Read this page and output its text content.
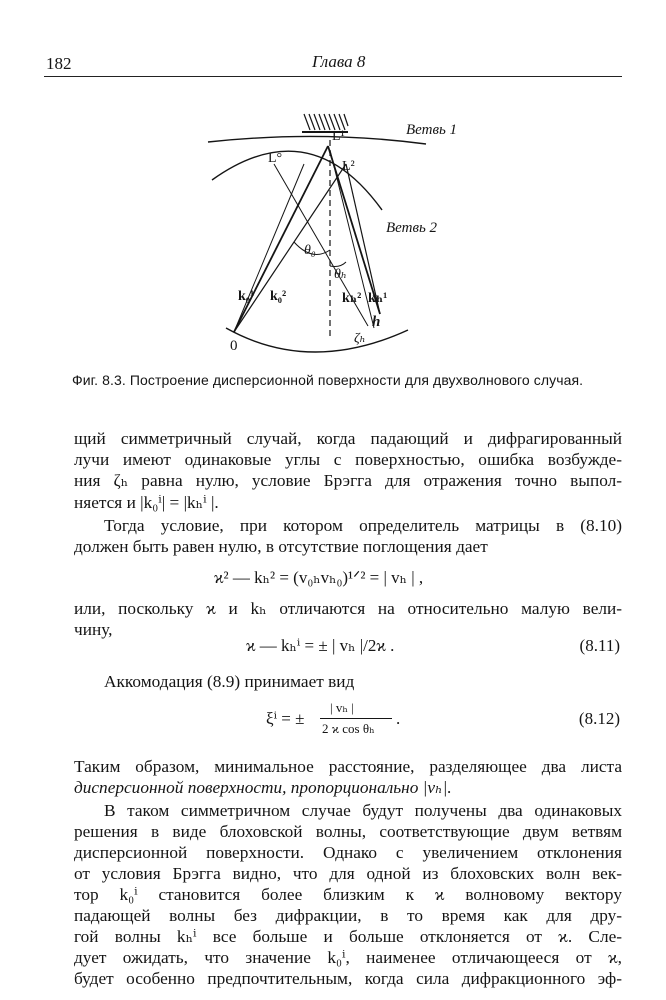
182	Глава 8
Ветвь 1
Ветвь 2
L°
L¹
L²
θ₀
θₕ
k₀¹ k₀²	kₕ² kₕ¹
h
ζₕ
0
Фиг. 8.3. Построение дисперсионной поверхности для двухволнового случая.
щий симметричный случай, когда падающий и дифрагированный
лучи имеют одинаковые углы с поверхностью, ошибка возбужде-
ния ζₕ равна нулю, условие Брэгга для отражения точно выпол-
няется и |k₀ⁱ| = |kₕⁱ |.
Тогда условие, при котором определитель матрицы в (8.10)
должен быть равен нулю, в отсутствие поглощения дает
ϰ² — kₕ² = (v₀ₕvₕ₀)¹ᐟ² = | vₕ | ,
или, поскольку ϰ и kₕ отличаются на относительно малую вели-
чину,
ϰ — kₕⁱ = ± | vₕ |/2ϰ .	(8.11)
Аккомодация (8.9) принимает вид
ξⁱ = ±
| vₕ |
2 ϰ cos θₕ
.	(8.12)
Таким образом, минимальное расстояние, разделяющее два листа
дисперсионной поверхности, пропорционально |vₕ|.
В таком симметричном случае будут получены два одинаковых
решения в виде блоховской волны, соответствующие двум ветвям
дисперсионной поверхности. Однако с увеличением отклонения
от условия Брэгга видно, что для одной из блоховских волн век-
тор k₀ⁱ становится более близким к ϰ волновому вектору
падающей волны без дифракции, в то время как для дру-
гой волны kₕⁱ все больше и больше отклоняется от ϰ. Сле-
дует ожидать, что значение k₀ⁱ, наименее отличающееся от ϰ,
будет особенно предпочтительным, когда сила дифракционного эф-
